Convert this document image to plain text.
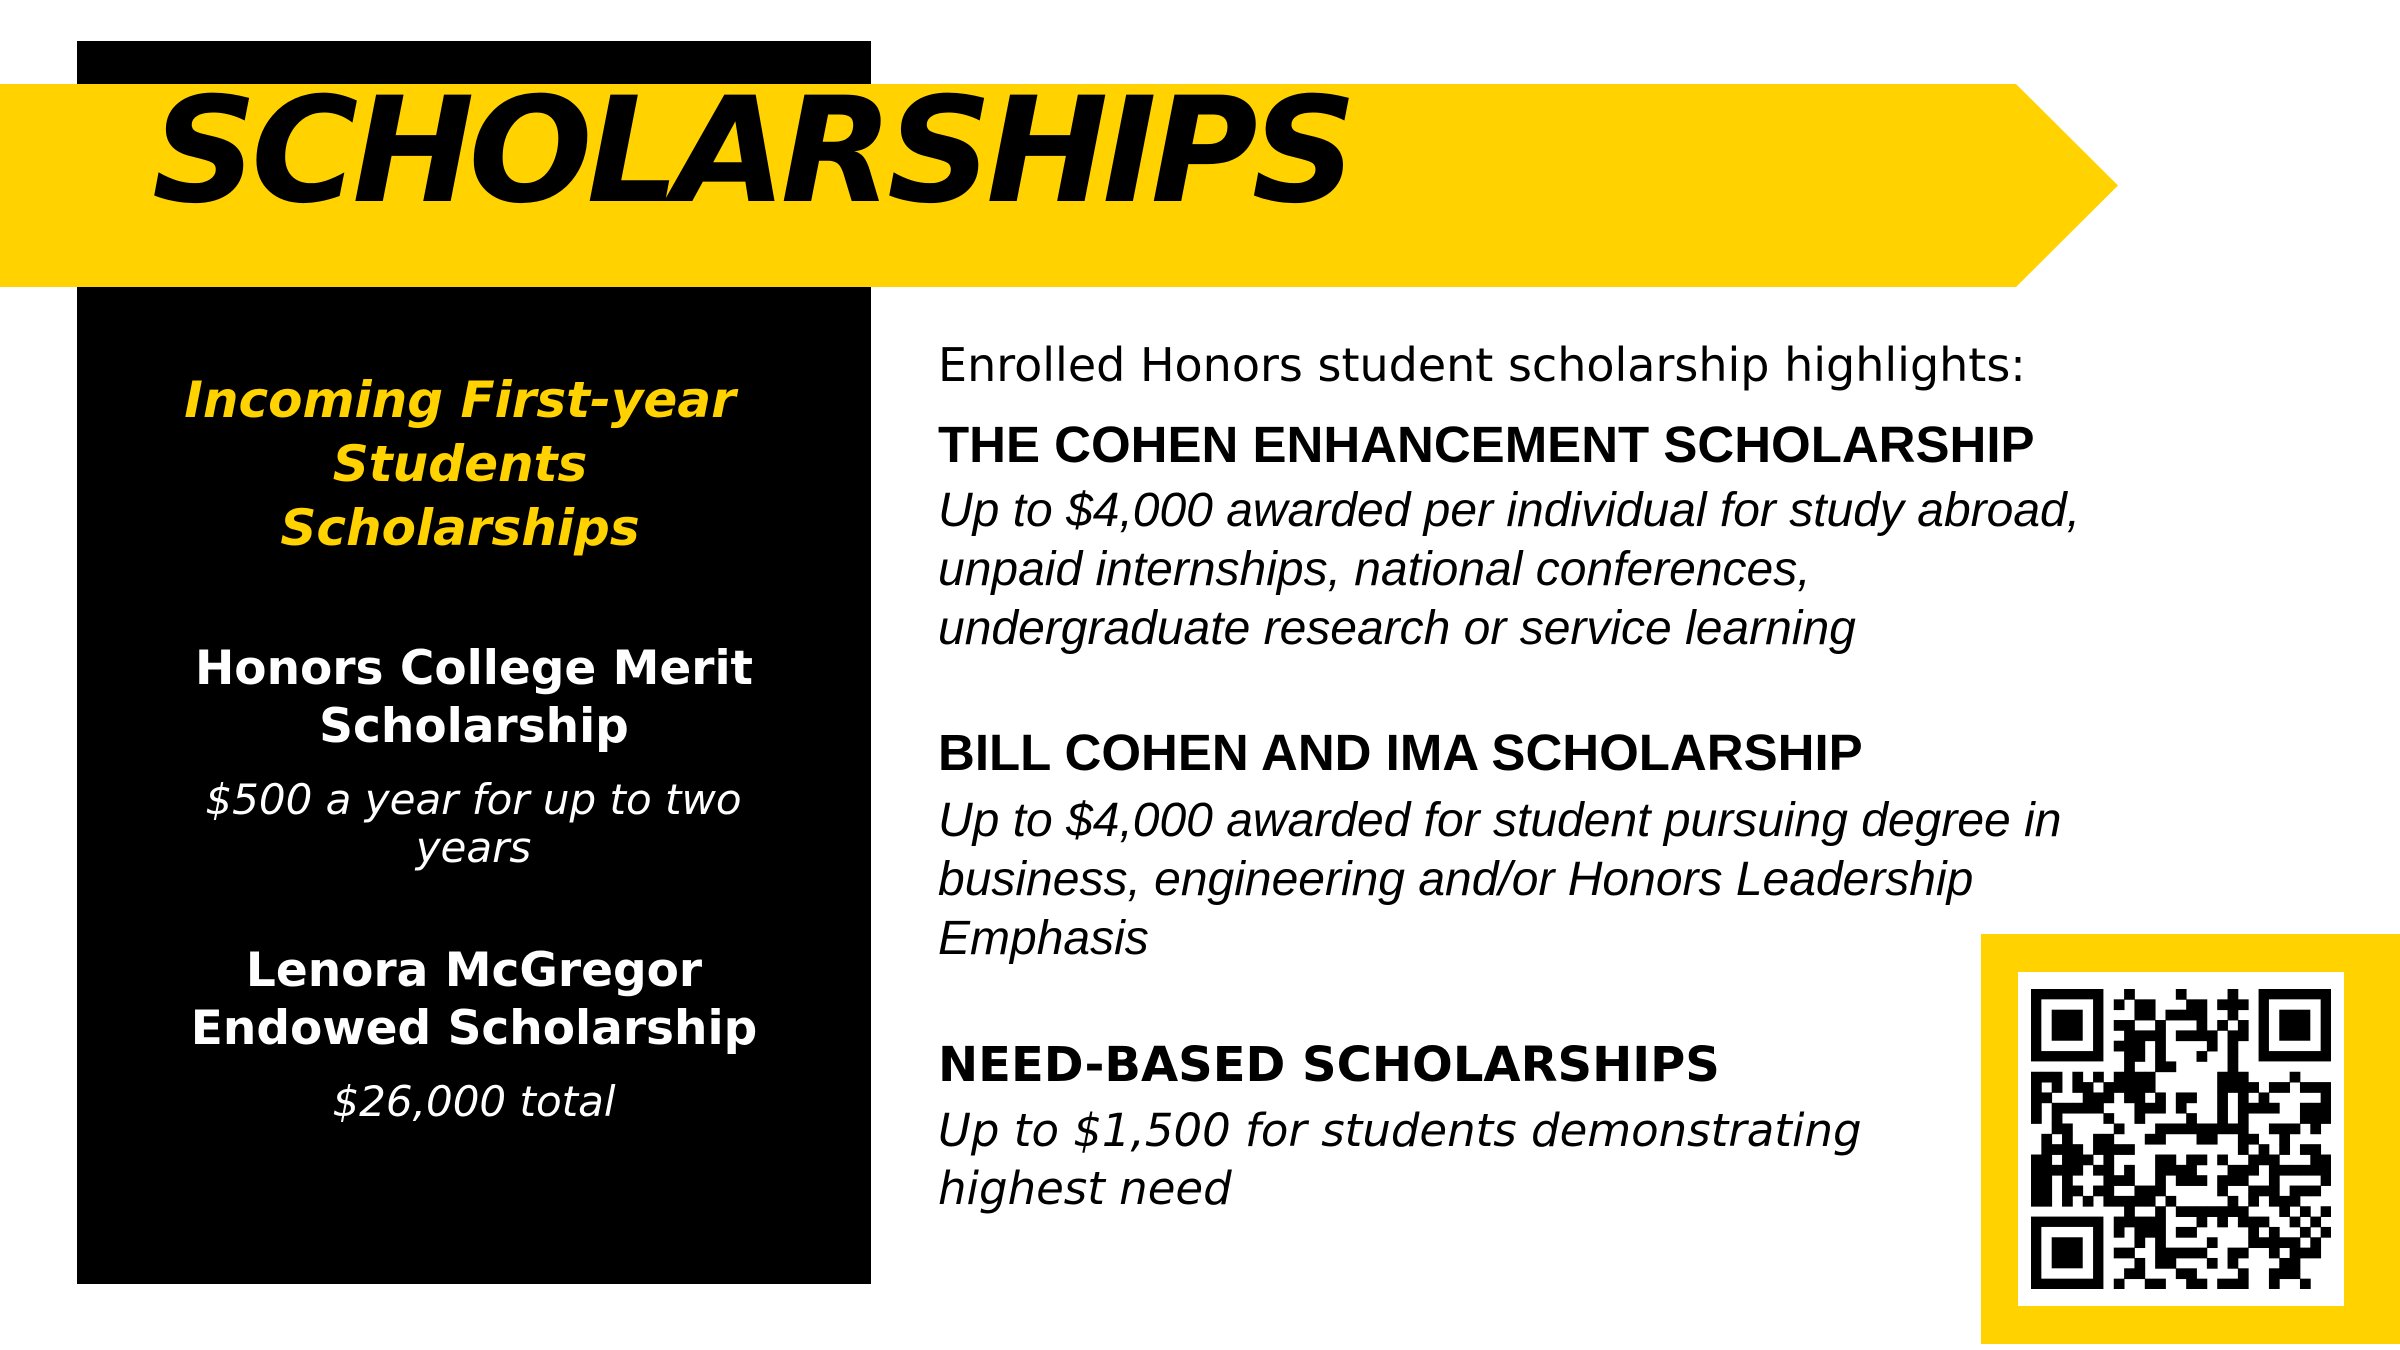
SCHOLARSHIPS
Incoming First-year
Students
Scholarships
Honors College Merit
Scholarship
$500 a year for up to two
years
Lenora McGregor
Endowed Scholarship
$26,000 total

Enrolled Honors student scholarship highlights:

THE COHEN ENHANCEMENT SCHOLARSHIP

Up to $4,000 awarded per individual for study abroad,
unpaid internships, national conferences,
undergraduate research or service learning

BILL COHEN AND IMA SCHOLARSHIP

Up to $4,000 awarded for student pursuing degree in
business, engineering and/or Honors Leadership
Emphasis

NEED-BASED SCHOLARSHIPS

Up to $1,500 for students demonstrating
highest need
